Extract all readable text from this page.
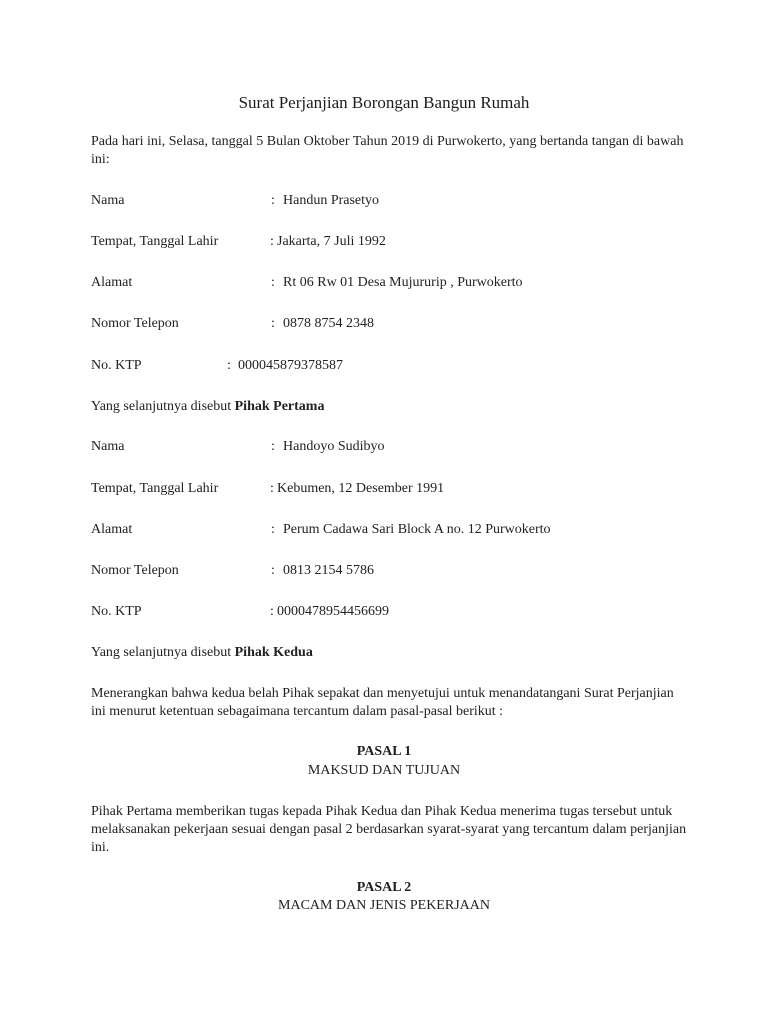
Surat Perjanjian Borongan Bangun Rumah
Pada hari ini, Selasa, tanggal 5 Bulan Oktober Tahun 2019 di Purwokerto, yang bertanda tangan di bawah ini:
Nama	: Handun Prasetyo
Tempat, Tanggal Lahir	: Jakarta, 7 Juli 1992
Alamat	: Rt 06 Rw 01 Desa Mujururip , Purwokerto
Nomor Telepon	: 0878 8754 2348
No. KTP	: 000045879378587
Yang selanjutnya disebut Pihak Pertama
Nama	: Handoyo Sudibyo
Tempat, Tanggal Lahir	: Kebumen, 12 Desember 1991
Alamat	: Perum Cadawa Sari Block A no. 12 Purwokerto
Nomor Telepon	: 0813 2154 5786
No. KTP	: 0000478954456699
Yang selanjutnya disebut Pihak Kedua
Menerangkan bahwa kedua belah Pihak sepakat dan menyetujui untuk menandatangani Surat Perjanjian ini menurut ketentuan sebagaimana tercantum dalam pasal-pasal berikut :
PASAL 1
MAKSUD DAN TUJUAN
Pihak Pertama memberikan tugas kepada Pihak Kedua dan Pihak Kedua menerima tugas tersebut untuk melaksanakan pekerjaan sesuai dengan pasal 2 berdasarkan syarat-syarat yang tercantum dalam perjanjian ini.
PASAL 2
MACAM DAN JENIS PEKERJAAN
